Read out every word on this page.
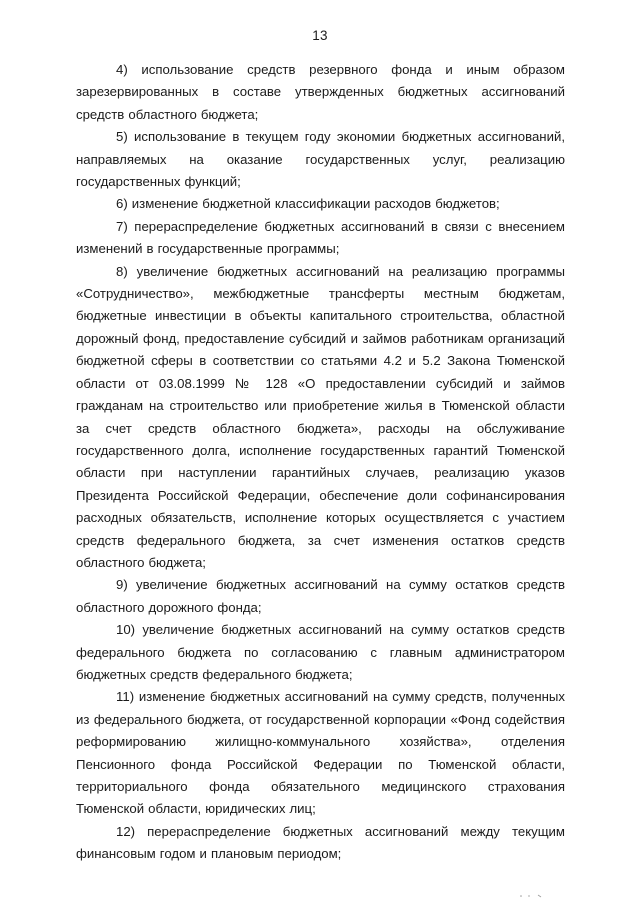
13

4) использование средств резервного фонда и иным образом зарезервированных в составе утвержденных бюджетных ассигнований средств областного бюджета;

5) использование в текущем году экономии бюджетных ассигнований, направляемых на оказание государственных услуг, реализацию государственных функций;

6) изменение бюджетной классификации расходов бюджетов;

7) перераспределение бюджетных ассигнований в связи с внесением изменений в государственные программы;

8) увеличение бюджетных ассигнований на реализацию программы «Сотрудничество», межбюджетные трансферты местным бюджетам, бюджетные инвестиции в объекты капитального строительства, областной дорожный фонд, предоставление субсидий и займов работникам организаций бюджетной сферы в соответствии со статьями 4.2 и 5.2 Закона Тюменской области от 03.08.1999 № 128 «О предоставлении субсидий и займов гражданам на строительство или приобретение жилья в Тюменской области за счет средств областного бюджета», расходы на обслуживание государственного долга, исполнение государственных гарантий Тюменской области при наступлении гарантийных случаев, реализацию указов Президента Российской Федерации, обеспечение доли софинансирования расходных обязательств, исполнение которых осуществляется с участием средств федерального бюджета, за счет изменения остатков средств областного бюджета;

9) увеличение бюджетных ассигнований на сумму остатков средств областного дорожного фонда;

10) увеличение бюджетных ассигнований на сумму остатков средств федерального бюджета по согласованию с главным администратором бюджетных средств федерального бюджета;

11) изменение бюджетных ассигнований на сумму средств, полученных из федерального бюджета, от государственной корпорации «Фонд содействия реформированию жилищно-коммунального хозяйства», отделения Пенсионного фонда Российской Федерации по Тюменской области, территориального фонда обязательного медицинского страхования Тюменской области, юридических лиц;

12) перераспределение бюджетных ассигнований между текущим финансовым годом и плановым периодом;
